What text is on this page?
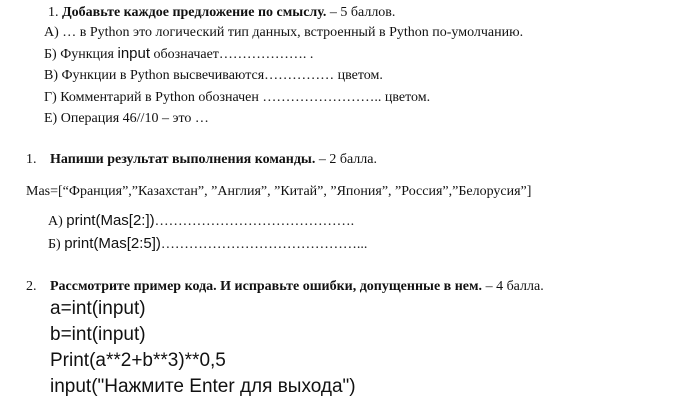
1. Добавьте каждое предложение по смыслу. – 5 баллов.
А) … в Python это логический тип данных, встроенный в Python по-умолчанию.
Б) Функция input обозначает………………. .
В) Функции в Python высвечиваются…………… цветом.
Г) Комментарий в Python обозначен …………………….. цветом.
Е) Операция 46//10 – это …
1. Напиши результат выполнения команды. – 2 балла.
Mas=[“Франция”,”Казахстан”, ”Англия”, ”Китай”, ”Япония”, ”Россия”,”Белорусия”]
А) print(Mas[2:])…………………………………….
Б) print(Mas[2:5])……………………………………...
2. Рассмотрите пример кода. И исправьте ошибки, допущенные в нем. – 4 балла.
a=int(input)
b=int(input)
Print(a**2+b**3)**0,5
input("Нажмите Enter для выхода")
